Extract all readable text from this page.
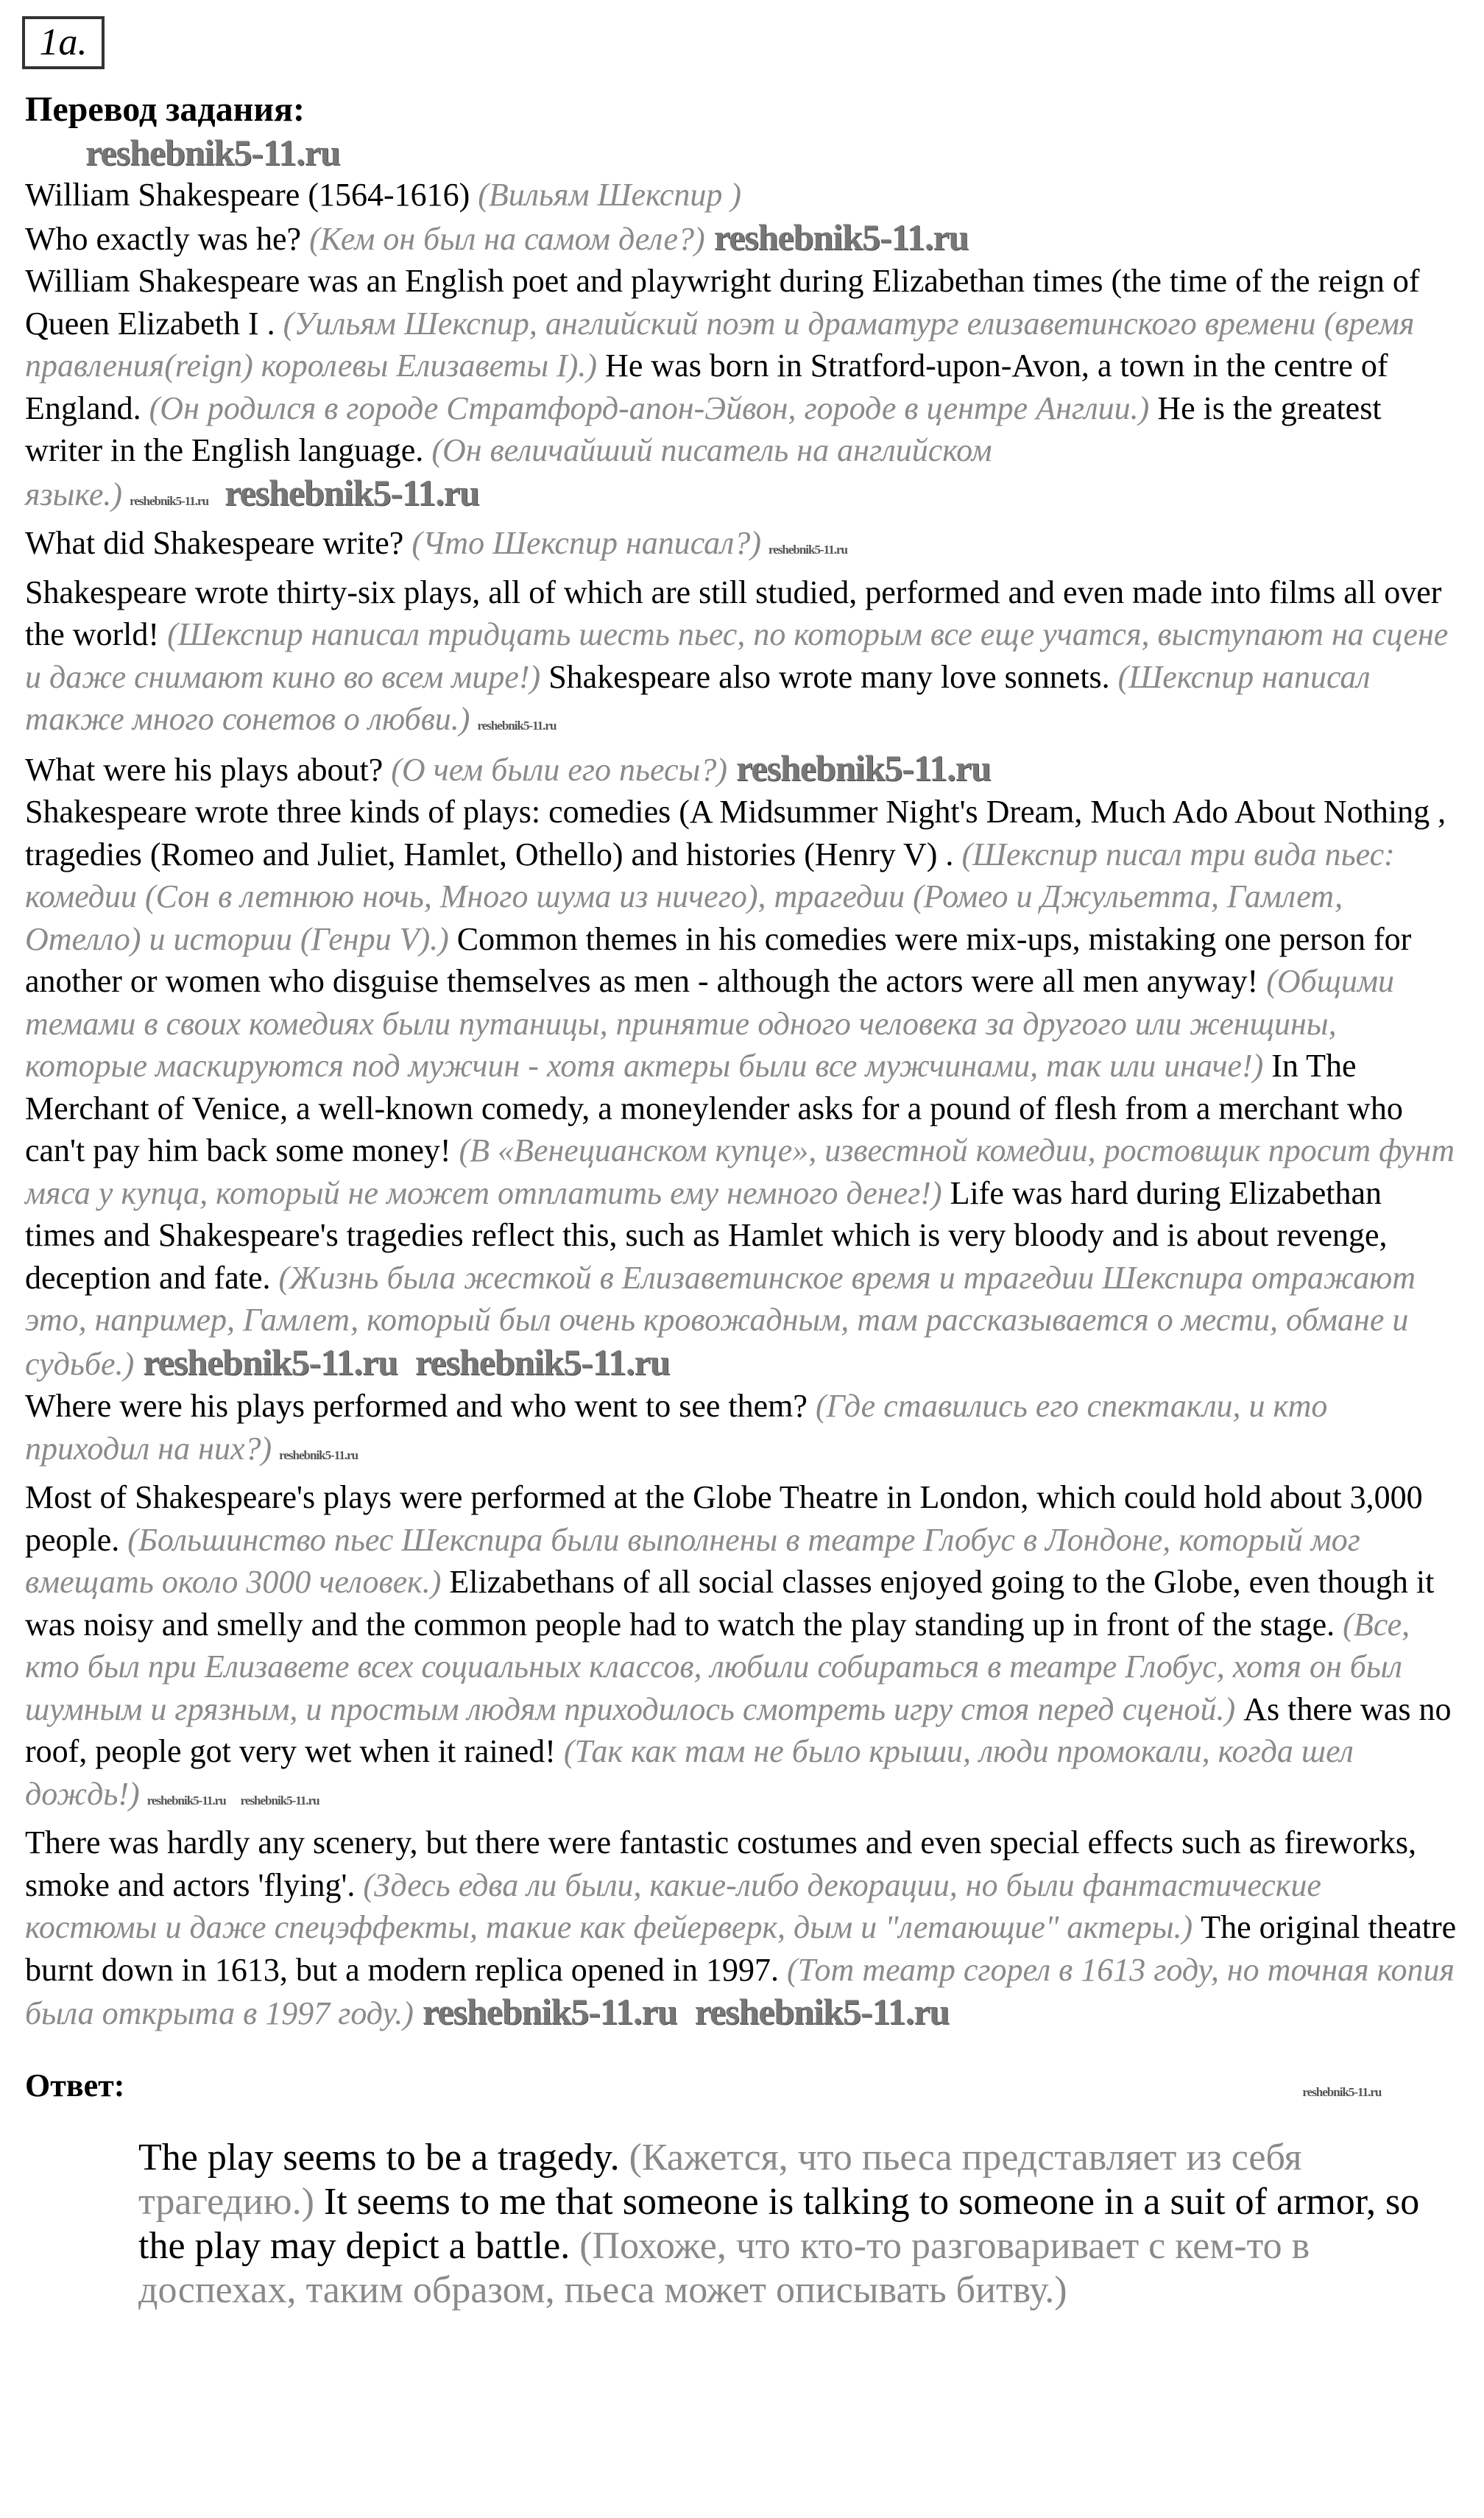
1a.
Перевод задания:
reshebnik5-11.ru

William Shakespeare (1564-1616) (Вильям Шекспир )

Who exactly was he? (Кем он был на самом деле?) reshebnik5-11.ru

William Shakespeare was an English poet and playwright during Elizabethan times (the time of the reign of Queen Elizabeth I . (Уильям Шекспир, английский поэт и драматург елизаветинского времени (время правления(reign) королевы Елизаветы I).) He was born in Stratford-upon-Avon, a town in the centre of England. (Он родился в городе Стратфорд-апон-Эйвон, городе в центре Англии.) He is the greatest writer in the English language. (Он величайший писатель на английском языке.) reshebnik5-11.ru reshebnik5-11.ru

What did Shakespeare write? (Что Шекспир написал?) reshebnik5-11.ru

Shakespeare wrote thirty-six plays, all of which are still studied, performed and even made into films all over the world! (Шекспир написал тридцать шесть пьес, по которым все еще учатся, выступают на сцене и даже снимают кино во всем мире!) Shakespeare also wrote many love sonnets. (Шекспир написал также много сонетов о любви.) reshebnik5-11.ru

What were his plays about? (О чем были его пьесы?) reshebnik5-11.ru

Shakespeare wrote three kinds of plays: comedies (A Midsummer Night's Dream, Much Ado About Nothing , tragedies (Romeo and Juliet, Hamlet, Othello) and histories (Henry V) . (Шекспир писал три вида пьес: комедии (Сон в летнюю ночь, Много шума из ничего), трагедии (Ромео и Джульетта, Гамлет, Отелло) и истории (Генри V).) Common themes in his comedies were mix-ups, mistaking one person for another or women who disguise themselves as men - although the actors were all men anyway! (Общими темами в своих комедиях были путаницы, принятие одного человека за другого или женщины, которые маскируются под мужчин - хотя актеры были все мужчинами, так или иначе!) In The Merchant of Venice, a well-known comedy, a moneylender asks for a pound of flesh from a merchant who can't pay him back some money! (В «Венецианском купце», известной комедии, ростовщик просит фунт мяса у купца, который не может отплатить ему немного денег!) Life was hard during Elizabethan times and Shakespeare's tragedies reflect this, such as Hamlet which is very bloody and is about revenge, deception and fate. (Жизнь была жесткой в Елизаветинское время и трагедии Шекспира отражают это, например, Гамлет, который был очень кровожадным, там рассказывается о мести, обмане и судьбе.) reshebnik5-11.ru reshebnik5-11.ru

Where were his plays performed and who went to see them? (Где ставились его спектакли, и кто приходил на них?) reshebnik5-11.ru

Most of Shakespeare's plays were performed at the Globe Theatre in London, which could hold about 3,000 people. (Большинство пьес Шекспира были выполнены в театре Глобус в Лондоне, который мог вмещать около 3000 человек.) Elizabethans of all social classes enjoyed going to the Globe, even though it was noisy and smelly and the common people had to watch the play standing up in front of the stage. (Все, кто был при Елизавете всех социальных классов, любили собираться в театре Глобус, хотя он был шумным и грязным, и простым людям приходилось смотреть игру стоя перед сценой.) As there was no roof, people got very wet when it rained! (Так как там не было крыши, люди промокали, когда шел дождь!) reshebnik5-11.ru reshebnik5-11.ru

There was hardly any scenery, but there were fantastic costumes and even special effects such as fireworks, smoke and actors 'flying'. (Здесь едва ли были, какие-либо декорации, но были фантастические костюмы и даже спецэффекты, такие как фейерверк, дым и "летающие" актеры.) The original theatre burnt down in 1613, but a modern replica opened in 1997. (Тот театр сгорел в 1613 году, но точная копия была открыта в 1997 году.) reshebnik5-11.ru reshebnik5-11.ru

Ответ:	reshebnik5-11.ru
The play seems to be a tragedy. (Кажется, что пьеса представляет из себя трагедию.) It seems to me that someone is talking to someone in a suit of armor, so the play may depict a battle. (Похоже, что кто-то разговаривает с кем-то в доспехах, таким образом, пьеса может описывать битву.)
